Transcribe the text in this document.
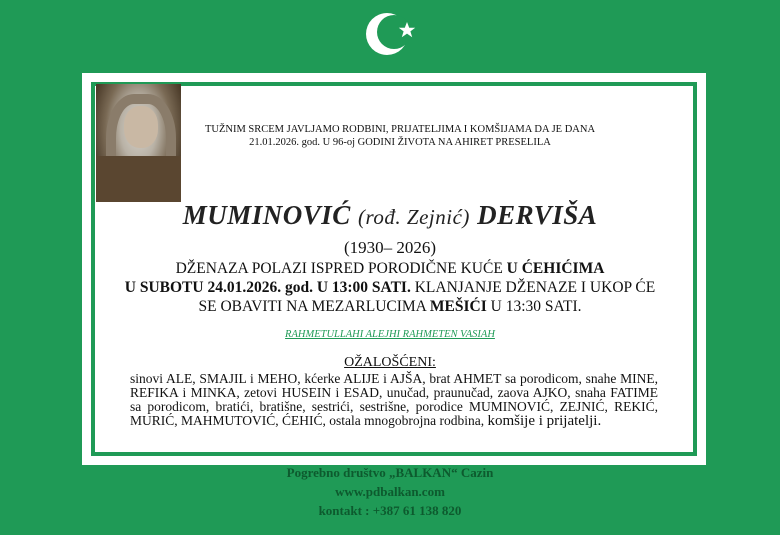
TUŽNIM SRCEM JAVLJAMO RODBINI, PRIJATELJIMA I KOMŠIJAMA DA JE DANA
21.01.2026. god. U 96-oj GODINI ŽIVOTA NA AHIRET PRESELILA
MUMINOVIĆ (rođ. Zejnić) DERVIŠA
(1930– 2026)
DŽENAZA POLAZI ISPRED PORODIČNE KUĆE U ĆEHIĆIMA
U SUBOTU 24.01.2026. god. U 13:00 SATI. KLANJANJE DŽENAZE I UKOP ĆE
SE OBAVITI NA MEZARLUCIMA MEŠIĆI U 13:30 SATI.
RAHMETULLAHI ALEJHI RAHMETEN VASIAH
OŽALOŠĆENI:
sinovi ALE, SMAJIL i MEHO, kćerke ALIJE i AJŠA, brat AHMET sa porodicom, snahe MINE, REFIKA i MINKA, zetovi HUSEIN i ESAD, unučad, praunučad, zaova AJKO, snaha FATIME sa porodicom, bratići, bratišne, sestrići, sestrišne, porodice MUMINOVIĆ, ZEJNIĆ, REKIĆ, MURIĆ, MAHMUTOVIĆ, ĆEHIĆ, ostala mnogobrojna rodbina, komšije i prijatelji.
Pogrebno društvo „BALKAN“ Cazin
www.pdbalkan.com
kontakt : +387 61 138 820
